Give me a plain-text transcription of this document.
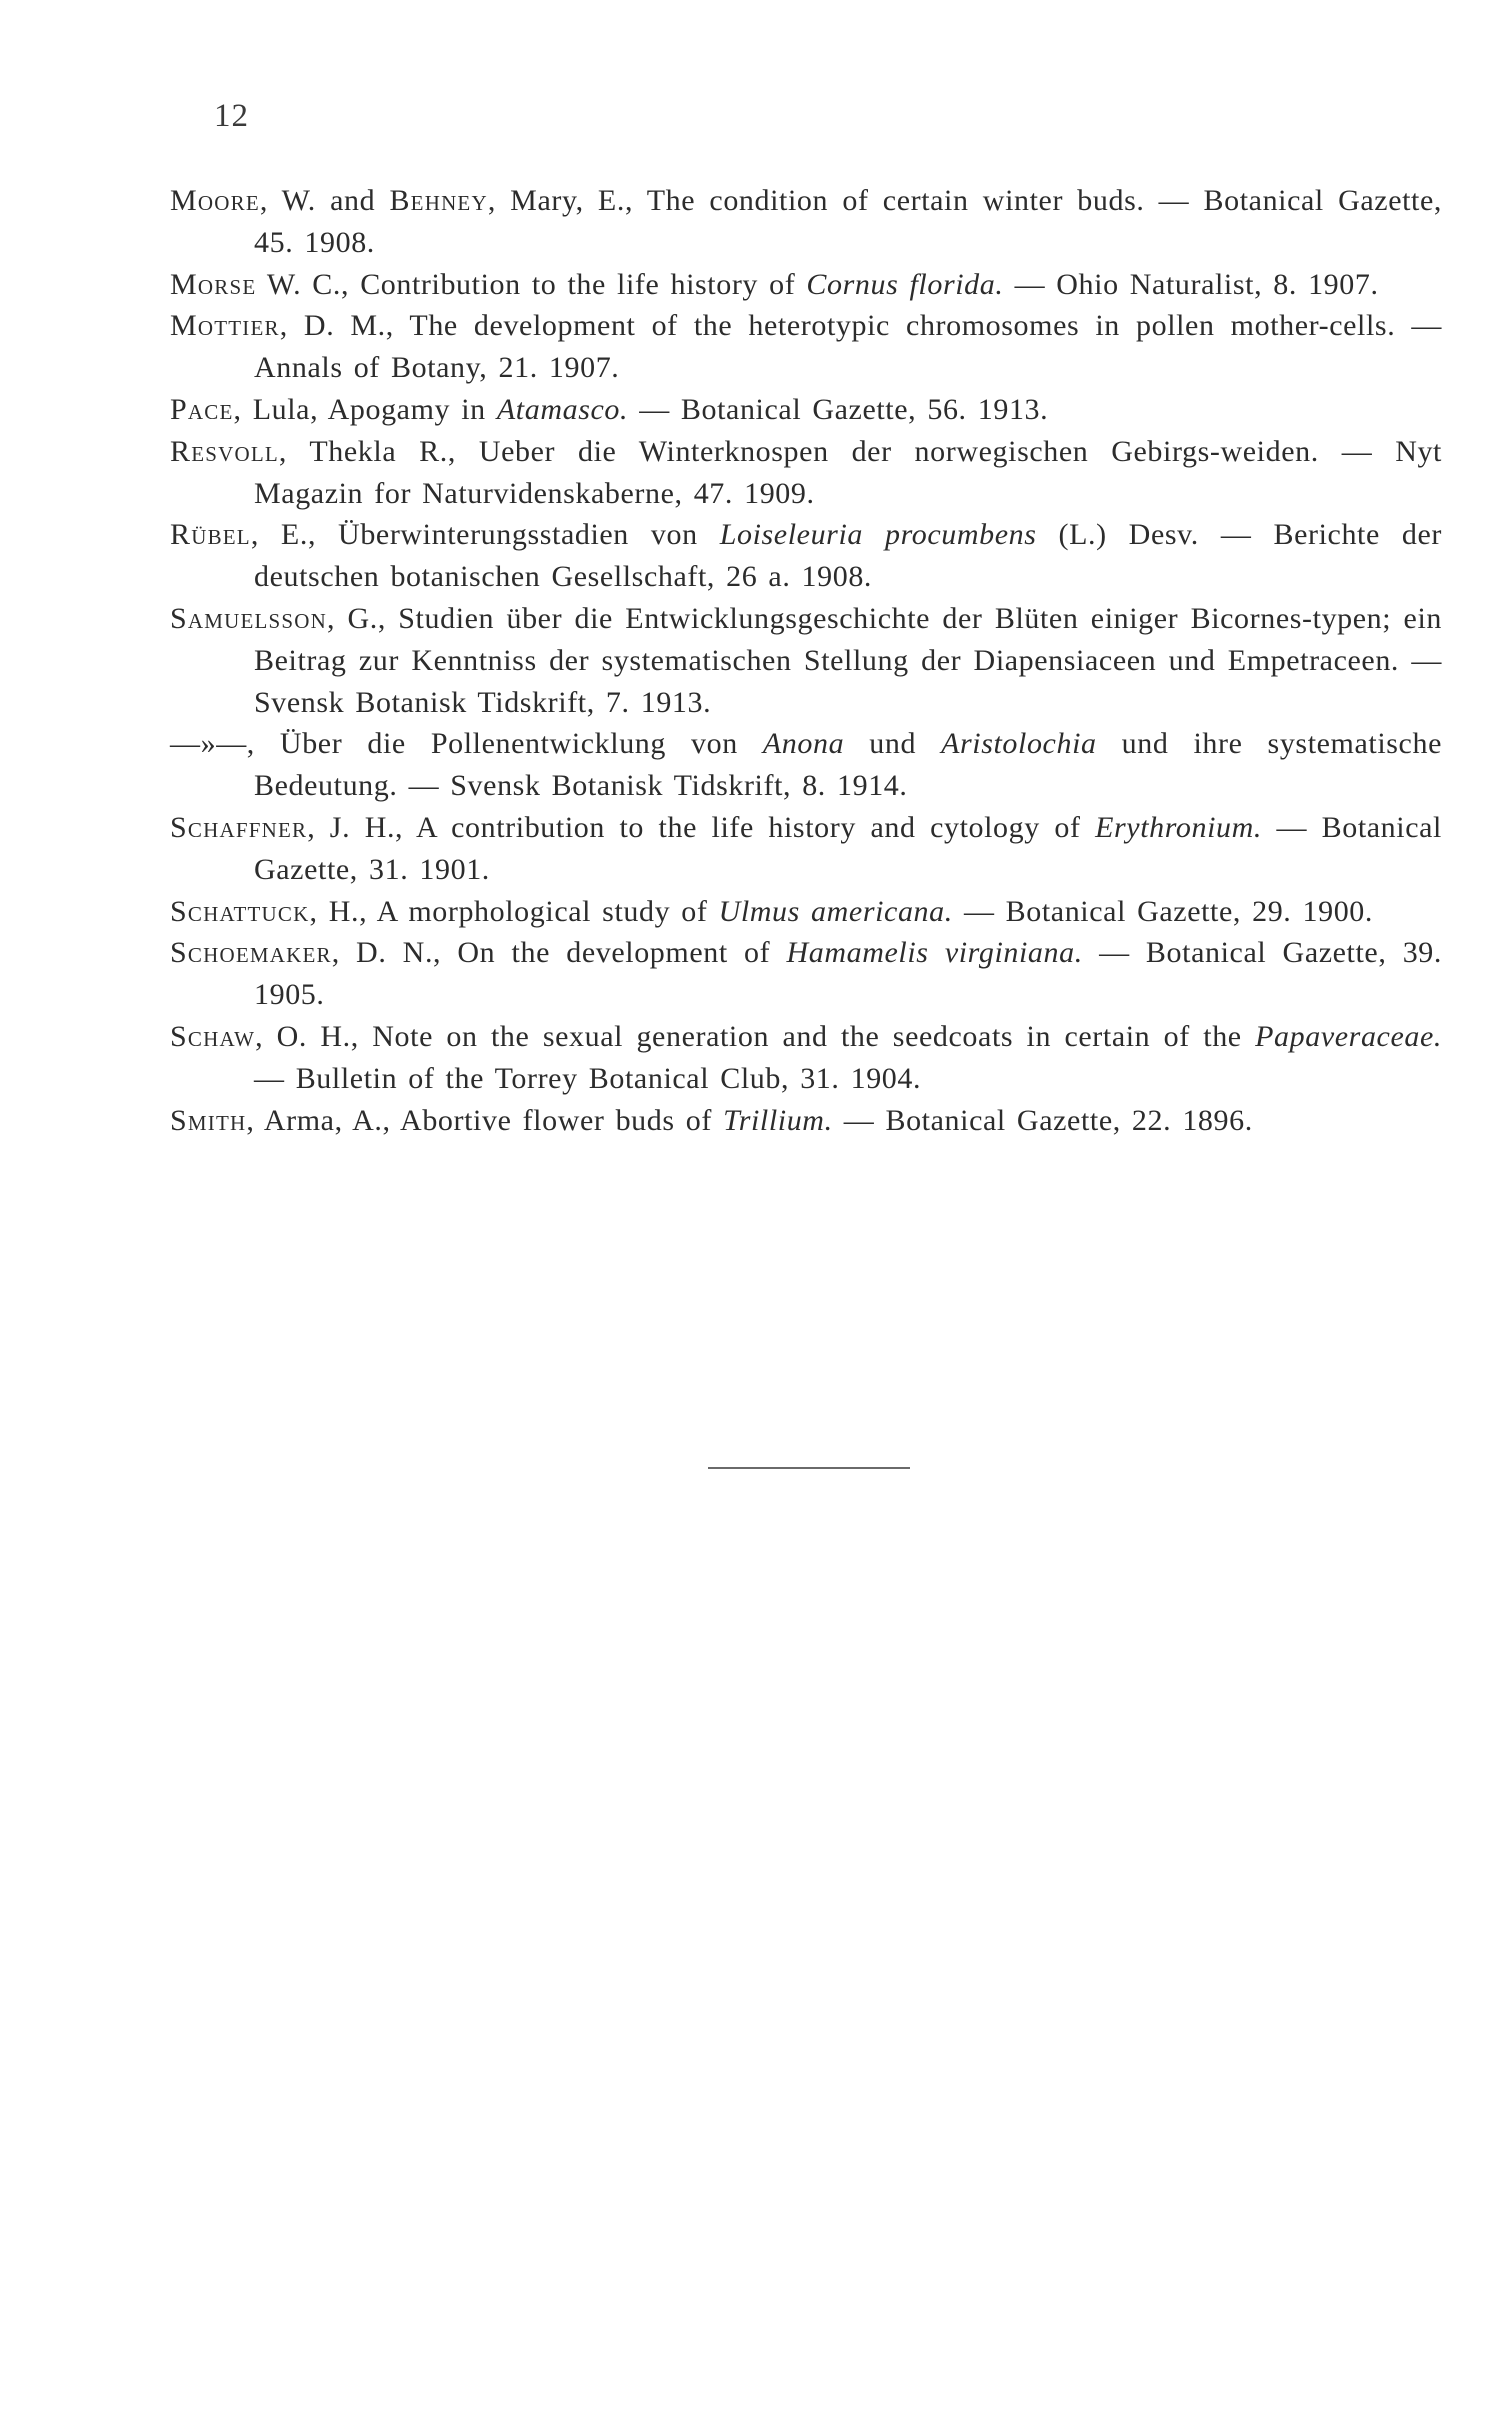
12

Moore, W. and Behney, Mary, E., The condition of certain winter buds. — Botanical Gazette, 45. 1908.

Morse W. C., Contribution to the life history of Cornus florida. — Ohio Naturalist, 8. 1907.

Mottier, D. M., The development of the heterotypic chromosomes in pollen mother-cells. — Annals of Botany, 21. 1907.

Pace, Lula, Apogamy in Atamasco. — Botanical Gazette, 56. 1913.

Resvoll, Thekla R., Ueber die Winterknospen der norwegischen Gebirgs-weiden. — Nyt Magazin for Naturvidenskaberne, 47. 1909.

Rübel, E., Überwinterungsstadien von Loiseleuria procumbens (L.) Desv. — Berichte der deutschen botanischen Gesellschaft, 26 a. 1908.

Samuelsson, G., Studien über die Entwicklungsgeschichte der Blüten einiger Bicornes-typen; ein Beitrag zur Kenntniss der systematischen Stellung der Diapensiaceen und Empetraceen. — Svensk Botanisk Tidskrift, 7. 1913.

—»—, Über die Pollenentwicklung von Anona und Aristolochia und ihre systematische Bedeutung. — Svensk Botanisk Tidskrift, 8. 1914.

Schaffner, J. H., A contribution to the life history and cytology of Erythronium. — Botanical Gazette, 31. 1901.

Schattuck, H., A morphological study of Ulmus americana. — Botanical Gazette, 29. 1900.

Schoemaker, D. N., On the development of Hamamelis virginiana. — Botanical Gazette, 39. 1905.

Schaw, O. H., Note on the sexual generation and the seedcoats in certain of the Papaveraceae. — Bulletin of the Torrey Botanical Club, 31. 1904.

Smith, Arma, A., Abortive flower buds of Trillium. — Botanical Gazette, 22. 1896.
